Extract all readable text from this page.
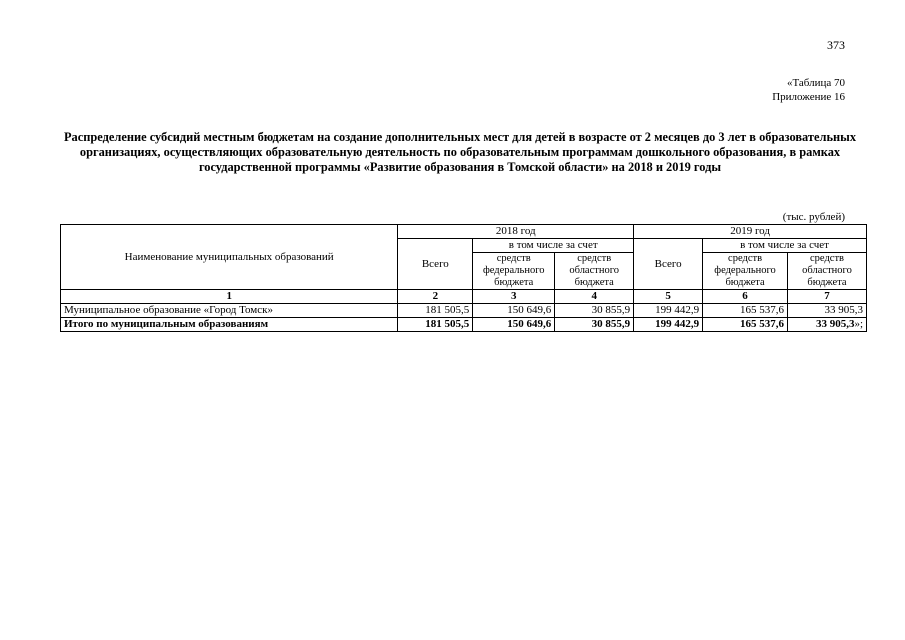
373
«Таблица 70
Приложение 16
Распределение субсидий местным бюджетам на создание дополнительных мест для детей в возрасте от 2 месяцев до 3 лет в образовательных организациях, осуществляющих образовательную деятельность по образовательным программам дошкольного образования, в рамках государственной программы «Развитие образования в Томской области» на 2018 и 2019 годы
(тыс. рублей)
Наименование муниципальных образований	2018 год			2019 год		
	Всего	в том числе за счет		Всего	в том числе за счет	
		средств федерального бюджета	средств областного бюджета		средств федерального бюджета	средств областного бюджета
1	2	3	4	5	6	7
Муниципальное образование «Город Томск»	181 505,5	150 649,6	30 855,9	199 442,9	165 537,6	33 905,3
Итого по муниципальным образованиям	181 505,5	150 649,6	30 855,9	199 442,9	165 537,6	33 905,3»;
